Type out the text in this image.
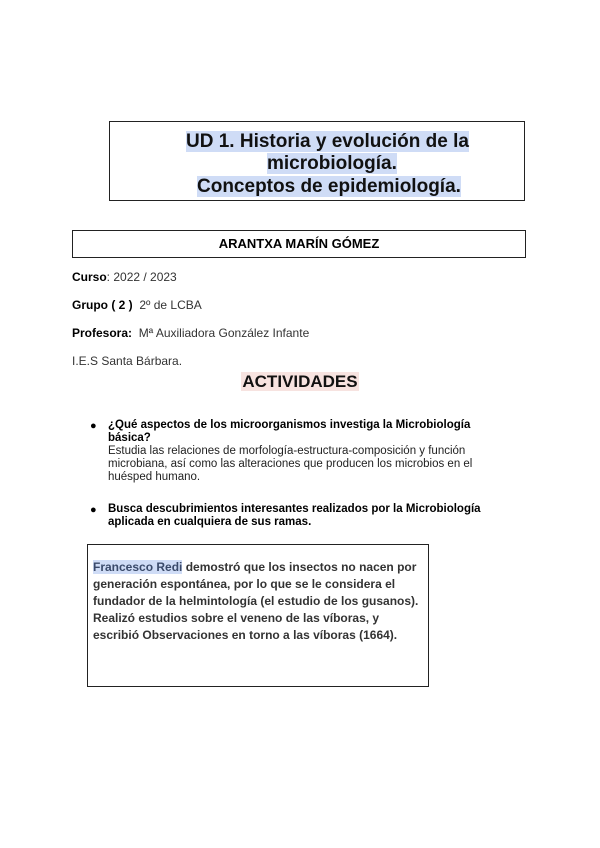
UD 1. Historia y evolución de la
microbiología.
Conceptos de epidemiología.
ARANTXA MARÍN GÓMEZ
Curso: 2022 / 2023
Grupo ( 2 ) 2º de LCBA
Profesora: Mª Auxiliadora González Infante
I.E.S Santa Bárbara.
ACTIVIDADES
● ¿Qué aspectos de los microorganismos investiga la Microbiología
básica?
Estudia las relaciones de morfología-estructura-composición y función
microbiana, así como las alteraciones que producen los microbios en el
huésped humano.
● Busca descubrimientos interesantes realizados por la Microbiología
aplicada en cualquiera de sus ramas.
Francesco Redi demostró que los insectos no nacen por
generación espontánea, por lo que se le considera el
fundador de la helmintología (el estudio de los gusanos).
Realizó estudios sobre el veneno de las víboras, y
escribió Observaciones en torno a las víboras (1664).
